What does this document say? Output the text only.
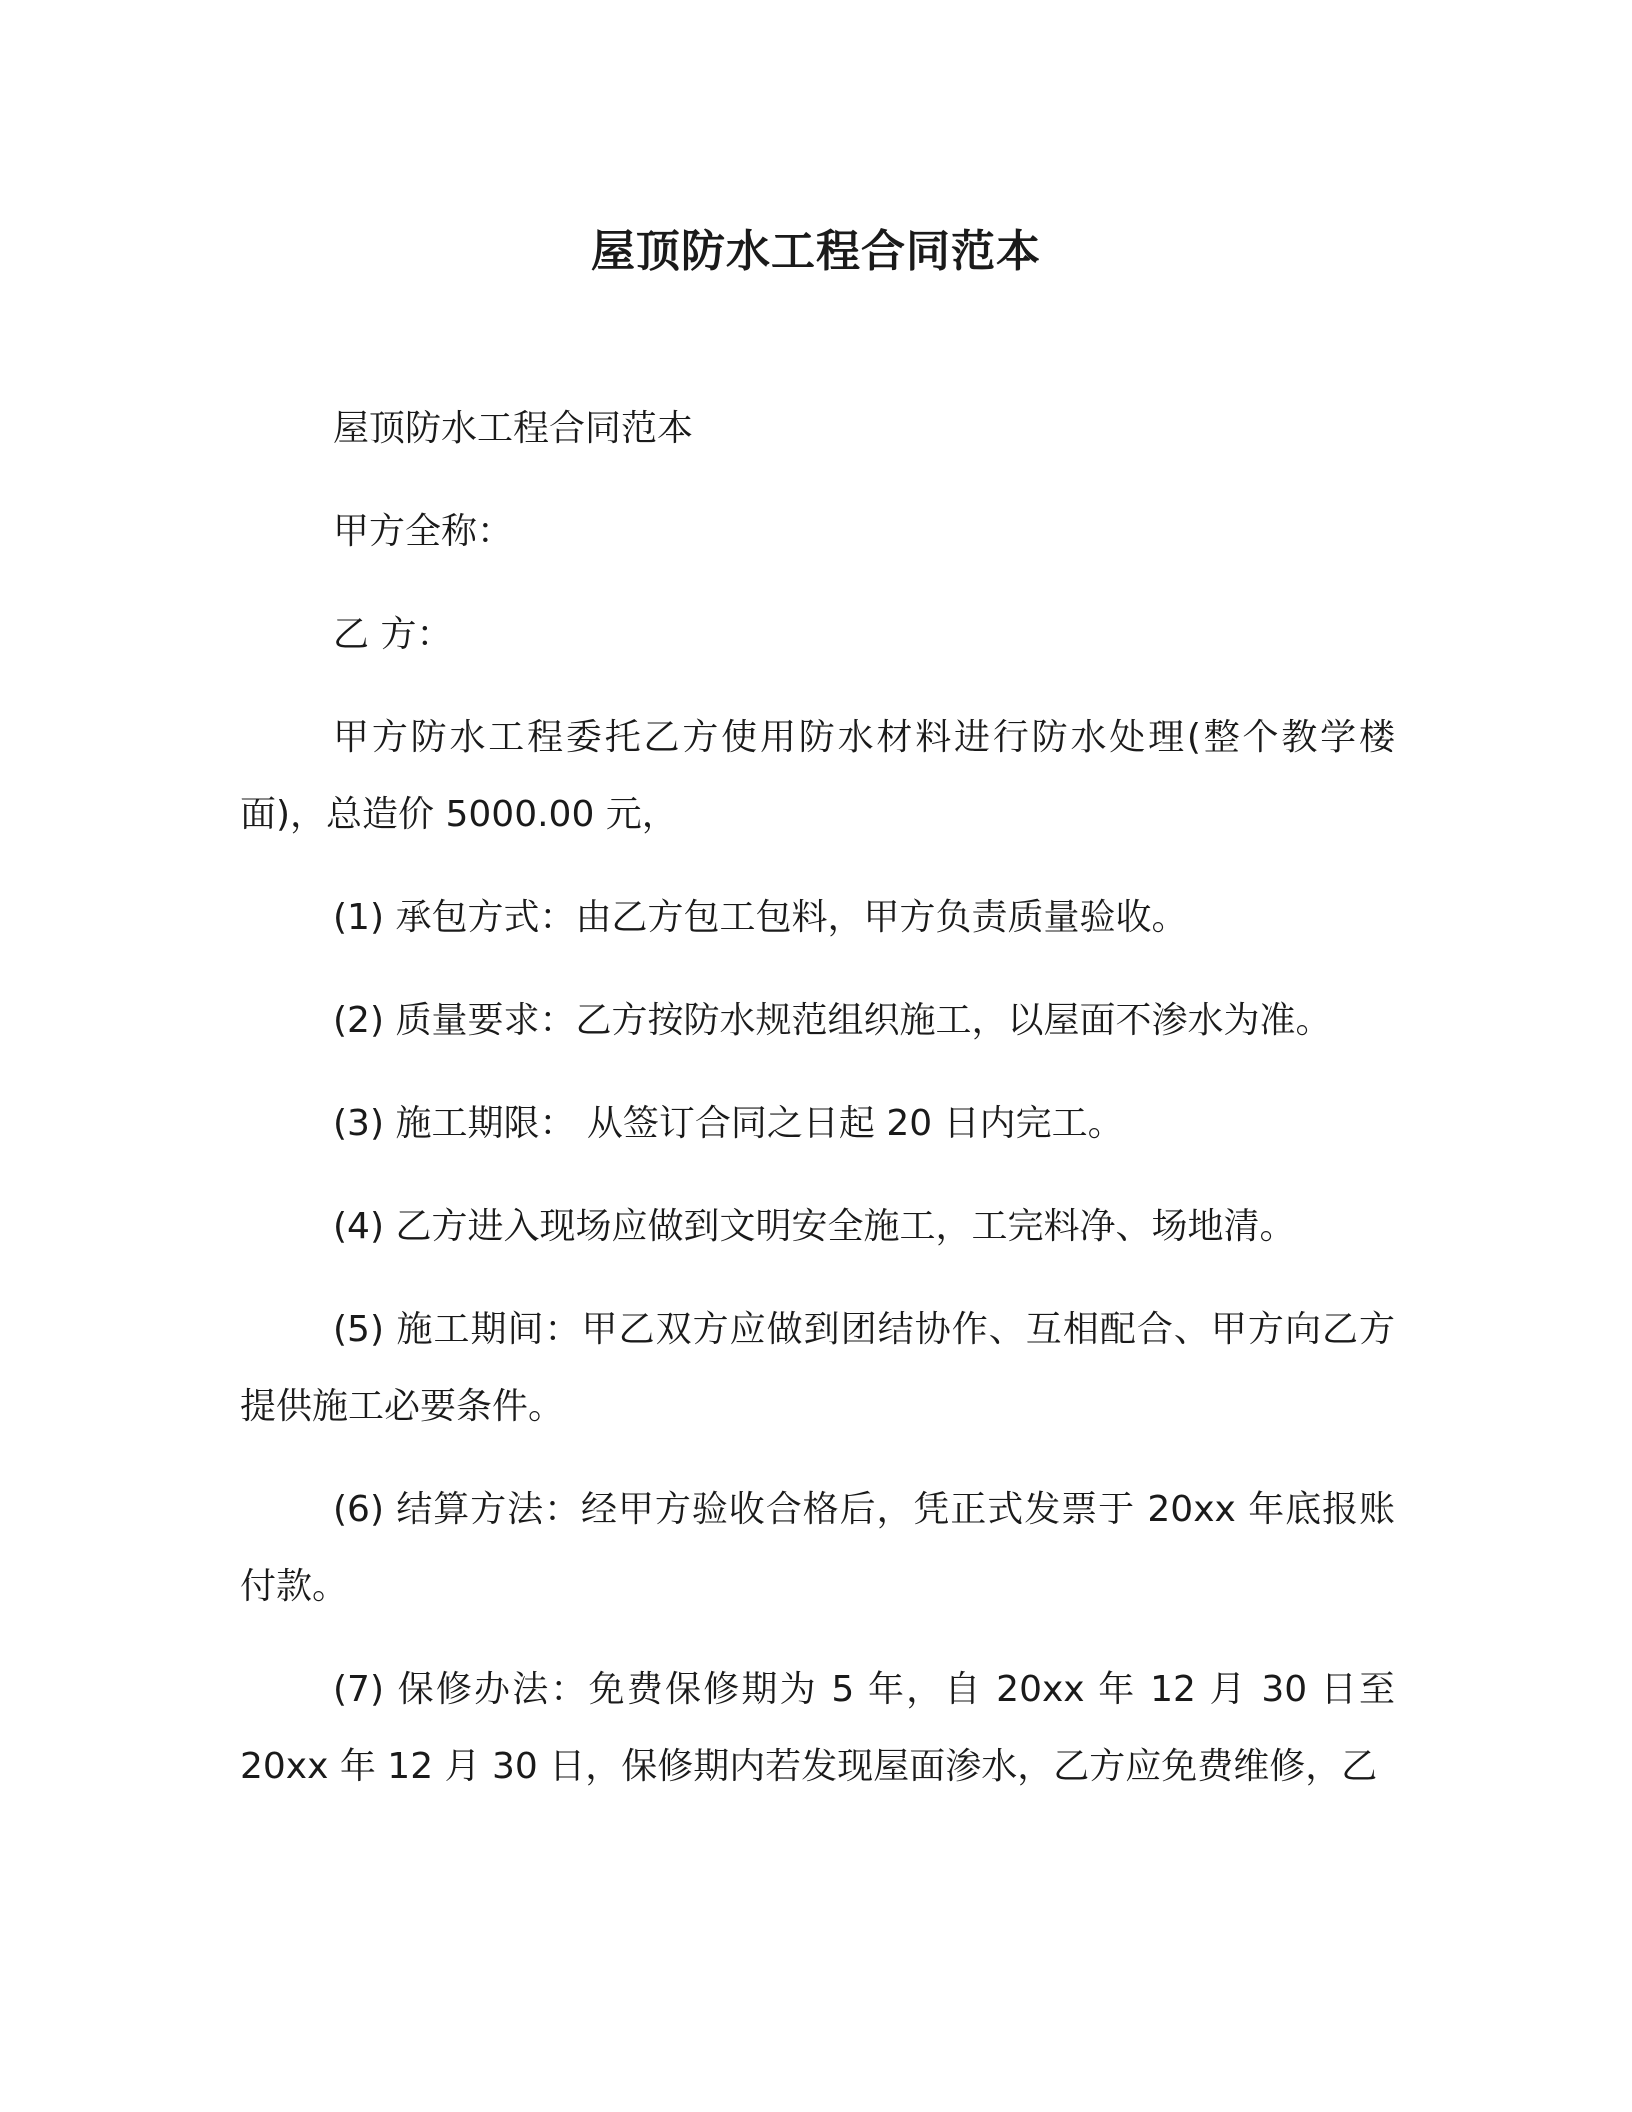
屋顶防水工程合同范本

屋顶防水工程合同范本

甲方全称：

乙 方：

甲方防水工程委托乙方使用防水材料进行防水处理(整个教学楼面)，总造价 5000.00 元，

(1) 承包方式：由乙方包工包料，甲方负责质量验收。

(2) 质量要求：乙方按防水规范组织施工，以屋面不渗水为准。

(3) 施工期限： 从签订合同之日起 20 日内完工。

(4) 乙方进入现场应做到文明安全施工，工完料净、场地清。

(5) 施工期间：甲乙双方应做到团结协作、互相配合、甲方向乙方提供施工必要条件。

(6) 结算方法：经甲方验收合格后，凭正式发票于 20xx 年底报账付款。

(7) 保修办法：免费保修期为 5 年，自 20xx 年 12 月 30 日至 20xx 年 12 月 30 日，保修期内若发现屋面渗水，乙方应免费维修，乙
